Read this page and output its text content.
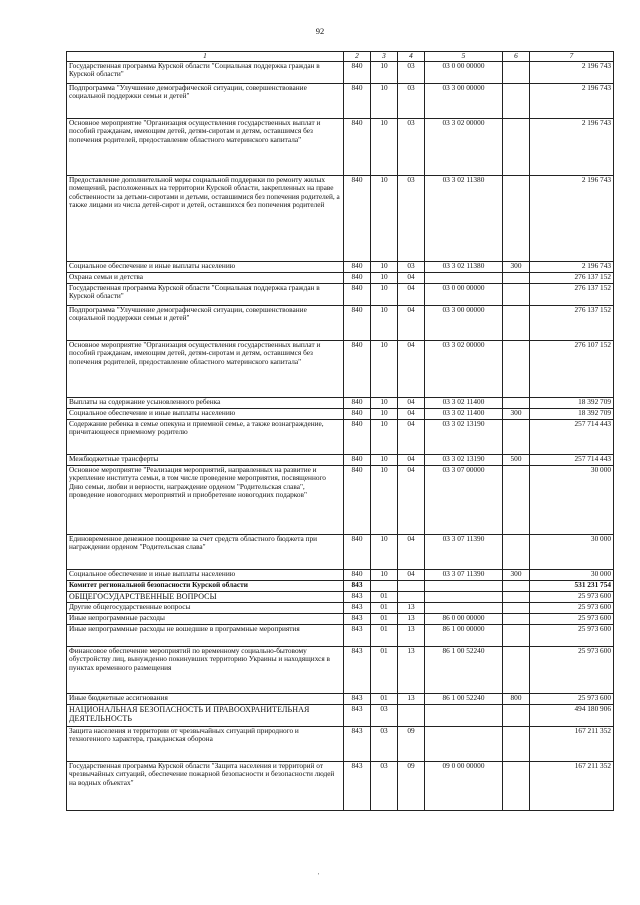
92
1	2	3	4	5	6	7
Государственная программа Курской области "Социальная поддержка граждан в Курской области"	840	10	03	03 0 00 00000		2 196 743
Подпрограмма "Улучшение демографической ситуации, совершенствование социальной поддержки семьи и детей"	840	10	03	03 3 00 00000		2 196 743
Основное мероприятие "Организация осуществления государственных выплат и пособий гражданам, имеющим детей, детям-сиротам и детям, оставшимся без попечения родителей, предоставление областного материнского капитала"	840	10	03	03 3 02 00000		2 196 743
Предоставление дополнительной меры социальной поддержки по ремонту жилых помещений, расположенных на территории Курской области, закрепленных на праве собственности за детьми-сиротами и детьми, оставшимися без попечения родителей, а также лицами из числа детей-сирот и детей, оставшихся без попечения родителей	840	10	03	03 3 02 11380		2 196 743
Социальное обеспечение и иные выплаты населению	840	10	03	03 3 02 11380	300	2 196 743
Охрана семьи и детства	840	10	04			276 137 152
Государственная программа Курской области "Социальная поддержка граждан в Курской области"	840	10	04	03 0 00 00000		276 137 152
Подпрограмма "Улучшение демографической ситуации, совершенствование социальной поддержки семьи и детей"	840	10	04	03 3 00 00000		276 137 152
Основное мероприятие "Организация осуществления государственных выплат и пособий гражданам, имеющим детей, детям-сиротам и детям, оставшимся без попечения родителей, предоставление областного материнского капитала"	840	10	04	03 3 02 00000		276 107 152
Выплаты на содержание усыновленного ребенка	840	10	04	03 3 02 11400		18 392 709
Социальное обеспечение и иные выплаты населению	840	10	04	03 3 02 11400	300	18 392 709
Содержание ребенка в семье опекуна и приемной семье, а также вознаграждение, причитающееся приемному родителю	840	10	04	03 3 02 13190		257 714 443
Межбюджетные трансферты	840	10	04	03 3 02 13190	500	257 714 443
Основное мероприятие "Реализация мероприятий, направленных на развитие и укрепление института семьи, в том числе проведение мероприятия, посвященного Дню семьи, любви и верности, награждение орденом "Родительская слава", проведение новогодних мероприятий и приобретение новогодних подарков"	840	10	04	03 3 07 00000		30 000
Единовременное денежное поощрение за счет средств областного бюджета при награждении орденом "Родительская слава"	840	10	04	03 3 07 11390		30 000
Социальное обеспечение и иные выплаты населению	840	10	04	03 3 07 11390	300	30 000
Комитет региональной безопасности Курской области	843					531 231 754
ОБЩЕГОСУДАРСТВЕННЫЕ ВОПРОСЫ	843	01				25 973 600
Другие общегосударственные вопросы	843	01	13			25 973 600
Иные непрограммные расходы	843	01	13	86 0 00 00000		25 973 600
Иные непрограммные расходы не вошедшие в программные мероприятия	843	01	13	86 1 00 00000		25 973 600
Финансовое обеспечение мероприятий по временному социально-бытовому обустройству лиц, вынужденно покинувших территорию Украины и находящихся в пунктах временного размещения	843	01	13	86 1 00 52240		25 973 600
Иные бюджетные ассигнования	843	01	13	86 1 00 52240	800	25 973 600
НАЦИОНАЛЬНАЯ БЕЗОПАСНОСТЬ И ПРАВООХРАНИТЕЛЬНАЯ ДЕЯТЕЛЬНОСТЬ	843	03				494 180 906
Защита населения и территории от чрезвычайных ситуаций природного и техногенного характера, гражданская оборона	843	03	09			167 211 352
Государственная программа Курской области "Защита населения и территорий от чрезвычайных ситуаций, обеспечение пожарной безопасности и безопасности людей на водных объектах"	843	03	09	09 0 00 00000		167 211 352
'
